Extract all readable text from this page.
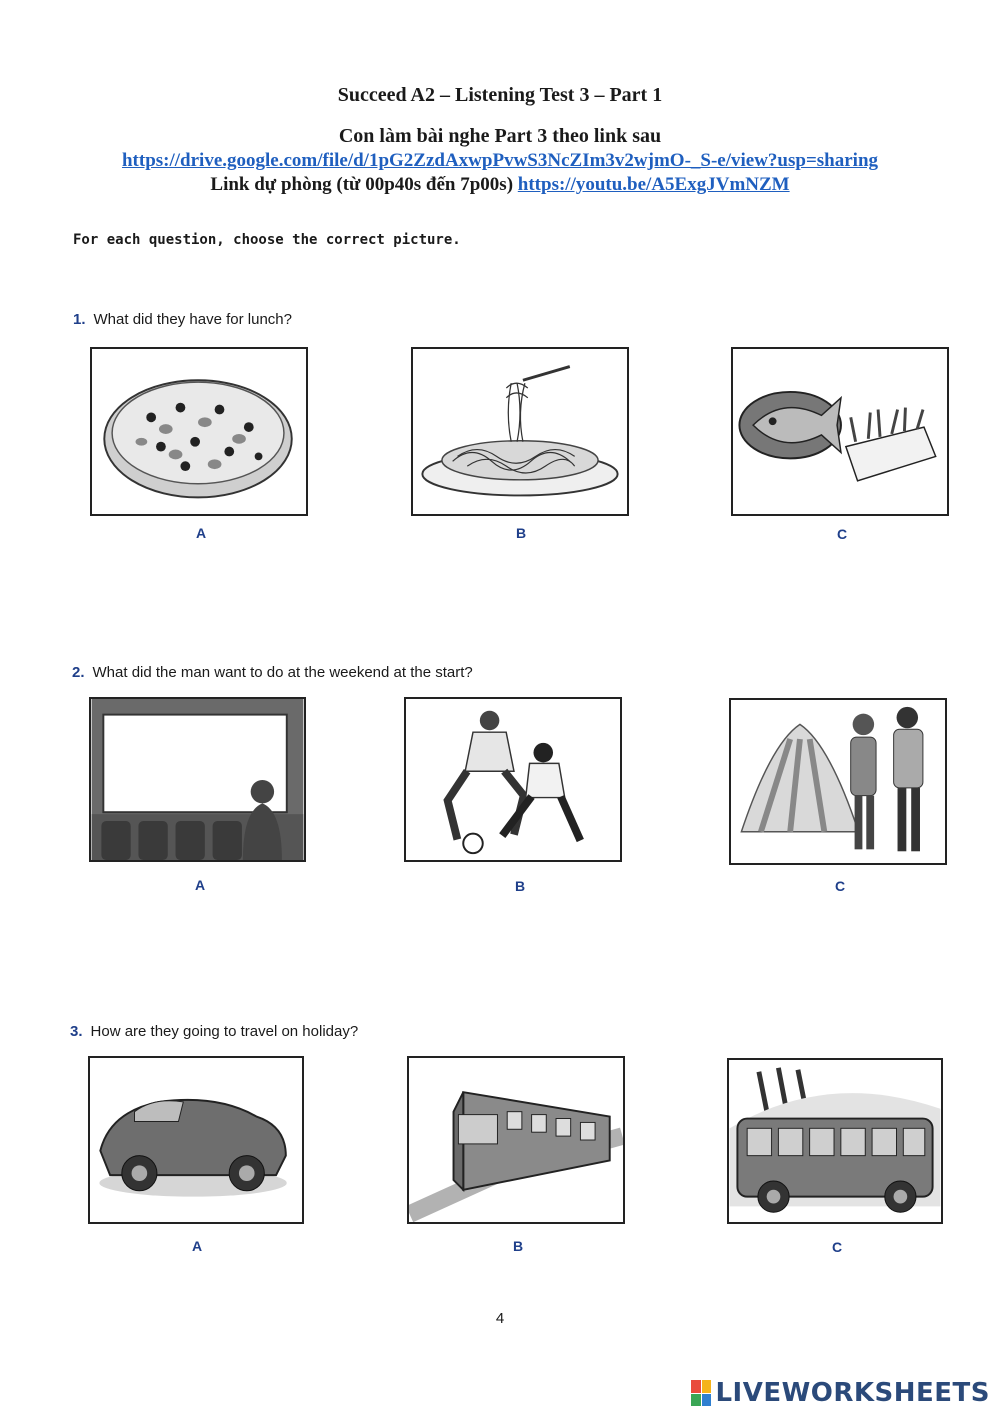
Succeed A2 – Listening Test 3 – Part 1
Con làm bài nghe Part 3 theo link sau
https://drive.google.com/file/d/1pG2ZzdAxwpPvwS3NcZIm3v2wjmO-_S-e/view?usp=sharing
Link dự phòng (từ 00p40s đến 7p00s) https://youtu.be/A5ExgJVmNZM
For each question, choose the correct picture.
1. What did they have for lunch?
A	B	C
2. What did the man want to do at the weekend at the start?
A	B	C
3. How are they going to travel on holiday?
A	B	C
4
LIVEWORKSHEETS
